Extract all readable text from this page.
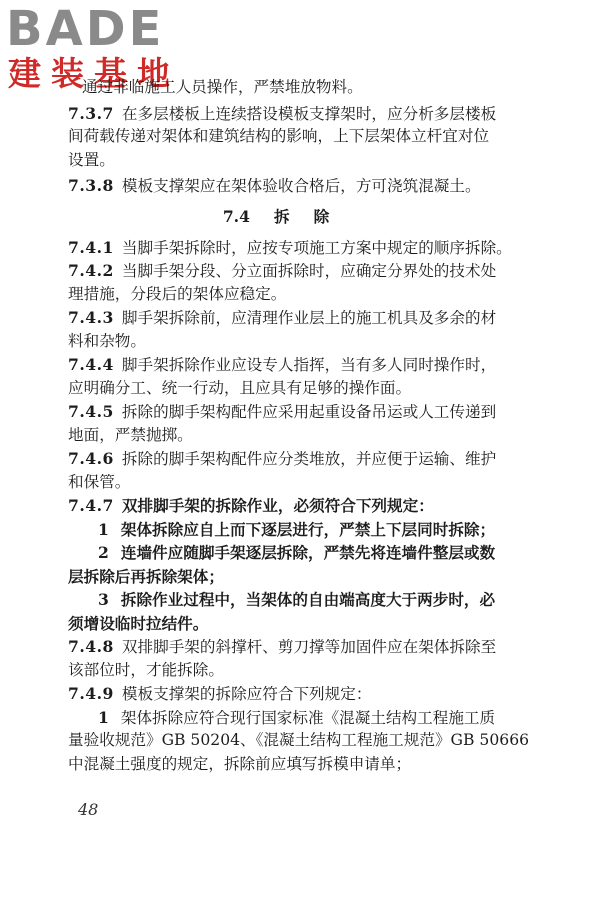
BADE
建装基地
通过非临施工人员操作，严禁堆放物料。
7.3.7 在多层楼板上连续搭设模板支撑架时，应分析多层楼板
间荷载传递对架体和建筑结构的影响，上下层架体立杆宜对位
设置。
7.3.8 模板支撑架应在架体验收合格后，方可浇筑混凝土。
7.4 拆除
7.4.1 当脚手架拆除时，应按专项施工方案中规定的顺序拆除。
7.4.2 当脚手架分段、分立面拆除时，应确定分界处的技术处
理措施，分段后的架体应稳定。
7.4.3 脚手架拆除前，应清理作业层上的施工机具及多余的材
料和杂物。
7.4.4 脚手架拆除作业应设专人指挥，当有多人同时操作时，
应明确分工、统一行动，且应具有足够的操作面。
7.4.5 拆除的脚手架构配件应采用起重设备吊运或人工传递到
地面，严禁抛掷。
7.4.6 拆除的脚手架构配件应分类堆放，并应便于运输、维护
和保管。
7.4.7 双排脚手架的拆除作业，必须符合下列规定：
1 架体拆除应自上而下逐层进行，严禁上下层同时拆除；
2 连墙件应随脚手架逐层拆除，严禁先将连墙件整层或数
层拆除后再拆除架体；
3 拆除作业过程中，当架体的自由端高度大于两步时，必
须增设临时拉结件。
7.4.8 双排脚手架的斜撑杆、剪刀撑等加固件应在架体拆除至
该部位时，才能拆除。
7.4.9 模板支撑架的拆除应符合下列规定：
1 架体拆除应符合现行国家标准《混凝土结构工程施工质
量验收规范》GB 50204、《混凝土结构工程施工规范》GB 50666
中混凝土强度的规定，拆除前应填写拆模申请单；
48
